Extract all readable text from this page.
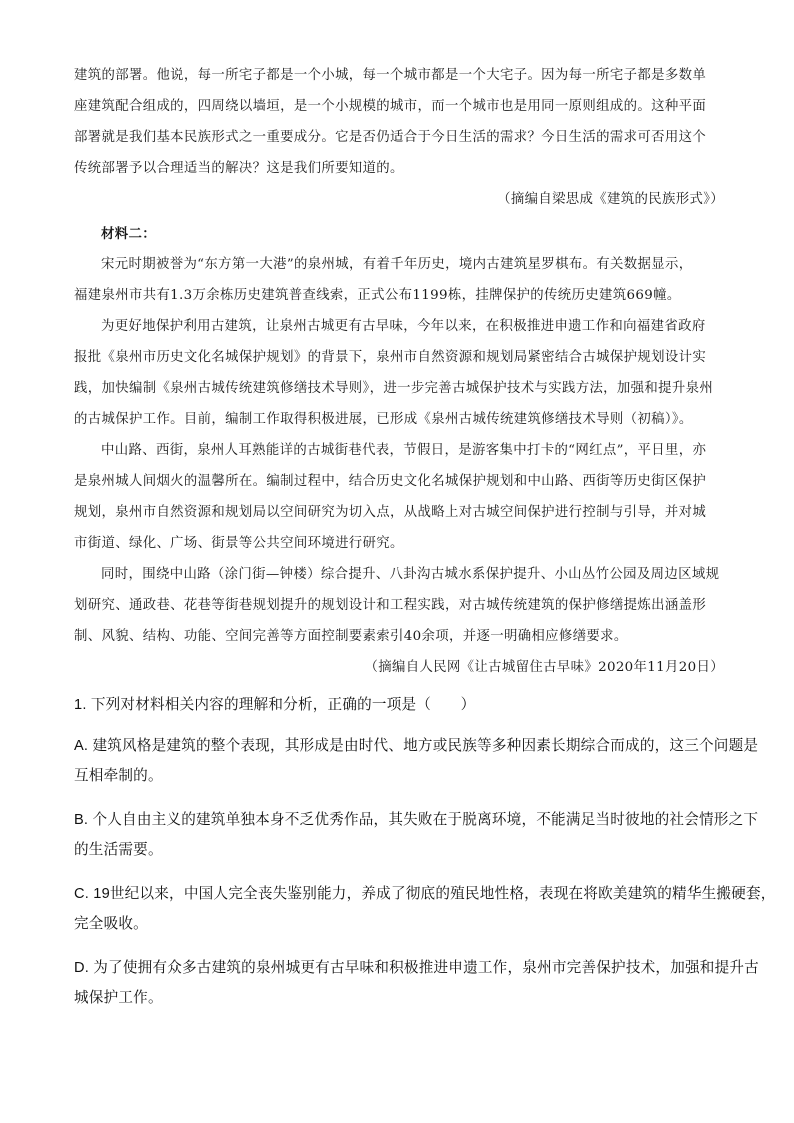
建筑的部署。他说，每一所宅子都是一个小城，每一个城市都是一个大宅子。因为每一所宅子都是多数单
座建筑配合组成的，四周绕以墙垣，是一个小规模的城市，而一个城市也是用同一原则组成的。这种平面
部署就是我们基本民族形式之一重要成分。它是否仍适合于今日生活的需求？今日生活的需求可否用这个
传统部署予以合理适当的解决？这是我们所要知道的。
（摘编自梁思成《建筑的民族形式》）
材料二：
宋元时期被誉为“东方第一大港”的泉州城，有着千年历史，境内古建筑星罗棋布。有关数据显示，
福建泉州市共有1.3万余栋历史建筑普查线索，正式公布1199栋，挂牌保护的传统历史建筑669幢。
为更好地保护利用古建筑，让泉州古城更有古早味，今年以来，在积极推进申遗工作和向福建省政府
报批《泉州市历史文化名城保护规划》的背景下，泉州市自然资源和规划局紧密结合古城保护规划设计实
践，加快编制《泉州古城传统建筑修缮技术导则》，进一步完善古城保护技术与实践方法，加强和提升泉州
的古城保护工作。目前，编制工作取得积极进展，已形成《泉州古城传统建筑修缮技术导则（初稿）》。
中山路、西街，泉州人耳熟能详的古城街巷代表，节假日，是游客集中打卡的“网红点”，平日里，亦
是泉州城人间烟火的温馨所在。编制过程中，结合历史文化名城保护规划和中山路、西街等历史街区保护
规划，泉州市自然资源和规划局以空间研究为切入点，从战略上对古城空间保护进行控制与引导，并对城
市街道、绿化、广场、街景等公共空间环境进行研究。
同时，围绕中山路（涂门街—钟楼）综合提升、八卦沟古城水系保护提升、小山丛竹公园及周边区域规
划研究、通政巷、花巷等街巷规划提升的规划设计和工程实践，对古城传统建筑的保护修缮提炼出涵盖形
制、风貌、结构、功能、空间完善等方面控制要素索引40余项，并逐一明确相应修缮要求。
（摘编自人民网《让古城留住古早味》2020年11月20日）
1. 下列对材料相关内容的理解和分析，正确的一项是（　　）
A. 建筑风格是建筑的整个表现，其形成是由时代、地方或民族等多种因素长期综合而成的，这三个问题是
互相牵制的。
B. 个人自由主义的建筑单独本身不乏优秀作品，其失败在于脱离环境，不能满足当时彼地的社会情形之下
的生活需要。
C. 19世纪以来，中国人完全丧失鉴别能力，养成了彻底的殖民地性格，表现在将欧美建筑的精华生搬硬套，
完全吸收。
D. 为了使拥有众多古建筑的泉州城更有古早味和积极推进申遗工作，泉州市完善保护技术，加强和提升古
城保护工作。
